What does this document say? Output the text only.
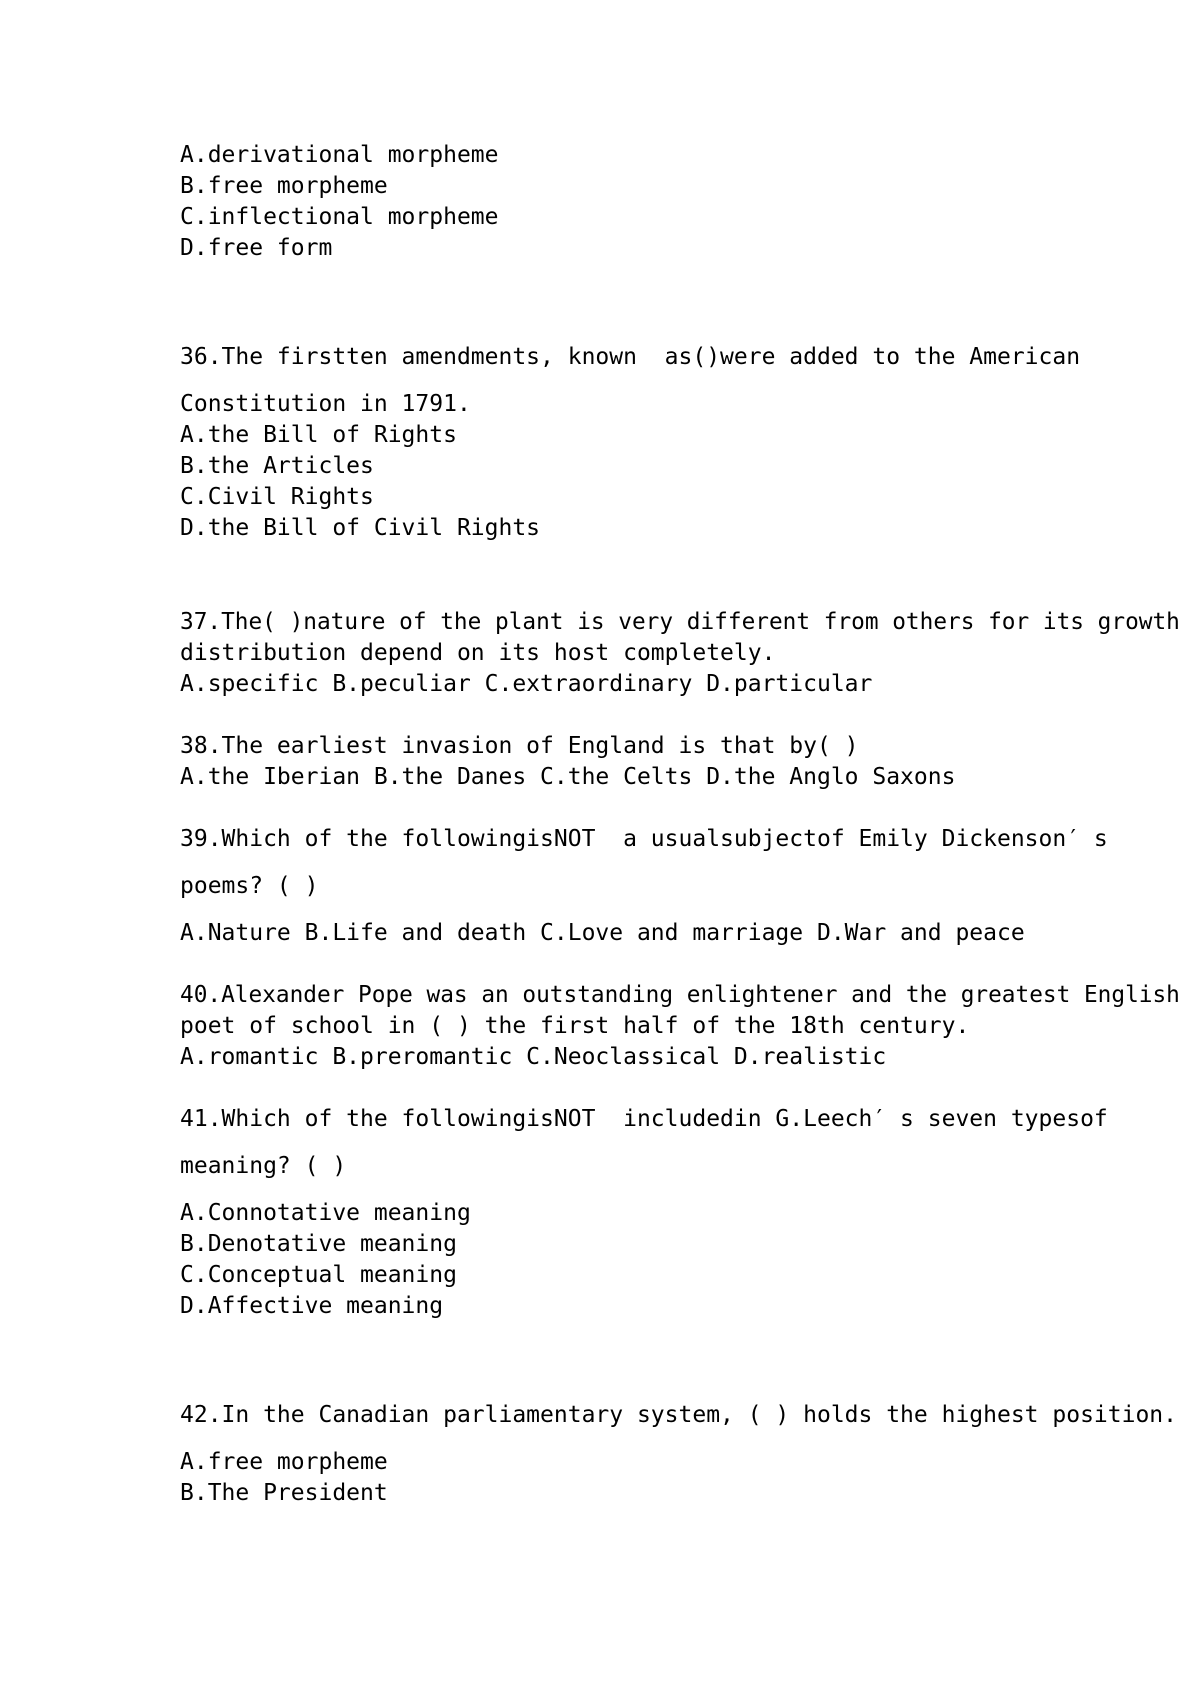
A.derivational morpheme
B.free morpheme
C.inflectional morpheme
D.free form
36.The firstten amendments, known  as()were added to the American
Constitution in 1791.
A.the Bill of Rights
B.the Articles
C.Civil Rights
D.the Bill of Civil Rights
37.The( )nature of the plant is very different from others for its growth
distribution depend on its host completely.
A.specific B.peculiar C.extraordinary D.particular
38.The earliest invasion of England is that by( )
A.the Iberian B.the Danes C.the Celts D.the Anglo Saxons
39.Which of the followingisNOT  a usualsubjectof Emily Dickenson′ s
poems? ( )
A.Nature B.Life and death C.Love and marriage D.War and peace
40.Alexander Pope was an outstanding enlightener and the greatest English
poet of school in ( ) the first half of the 18th century.
A.romantic B.preromantic C.Neoclassical D.realistic
41.Which of the followingisNOT  includedin G.Leech′ s seven typesof
meaning? ( )
A.Connotative meaning
B.Denotative meaning
C.Conceptual meaning
D.Affective meaning
42.In the Canadian parliamentary system, ( ) holds the highest position.
A.free morpheme
B.The President
